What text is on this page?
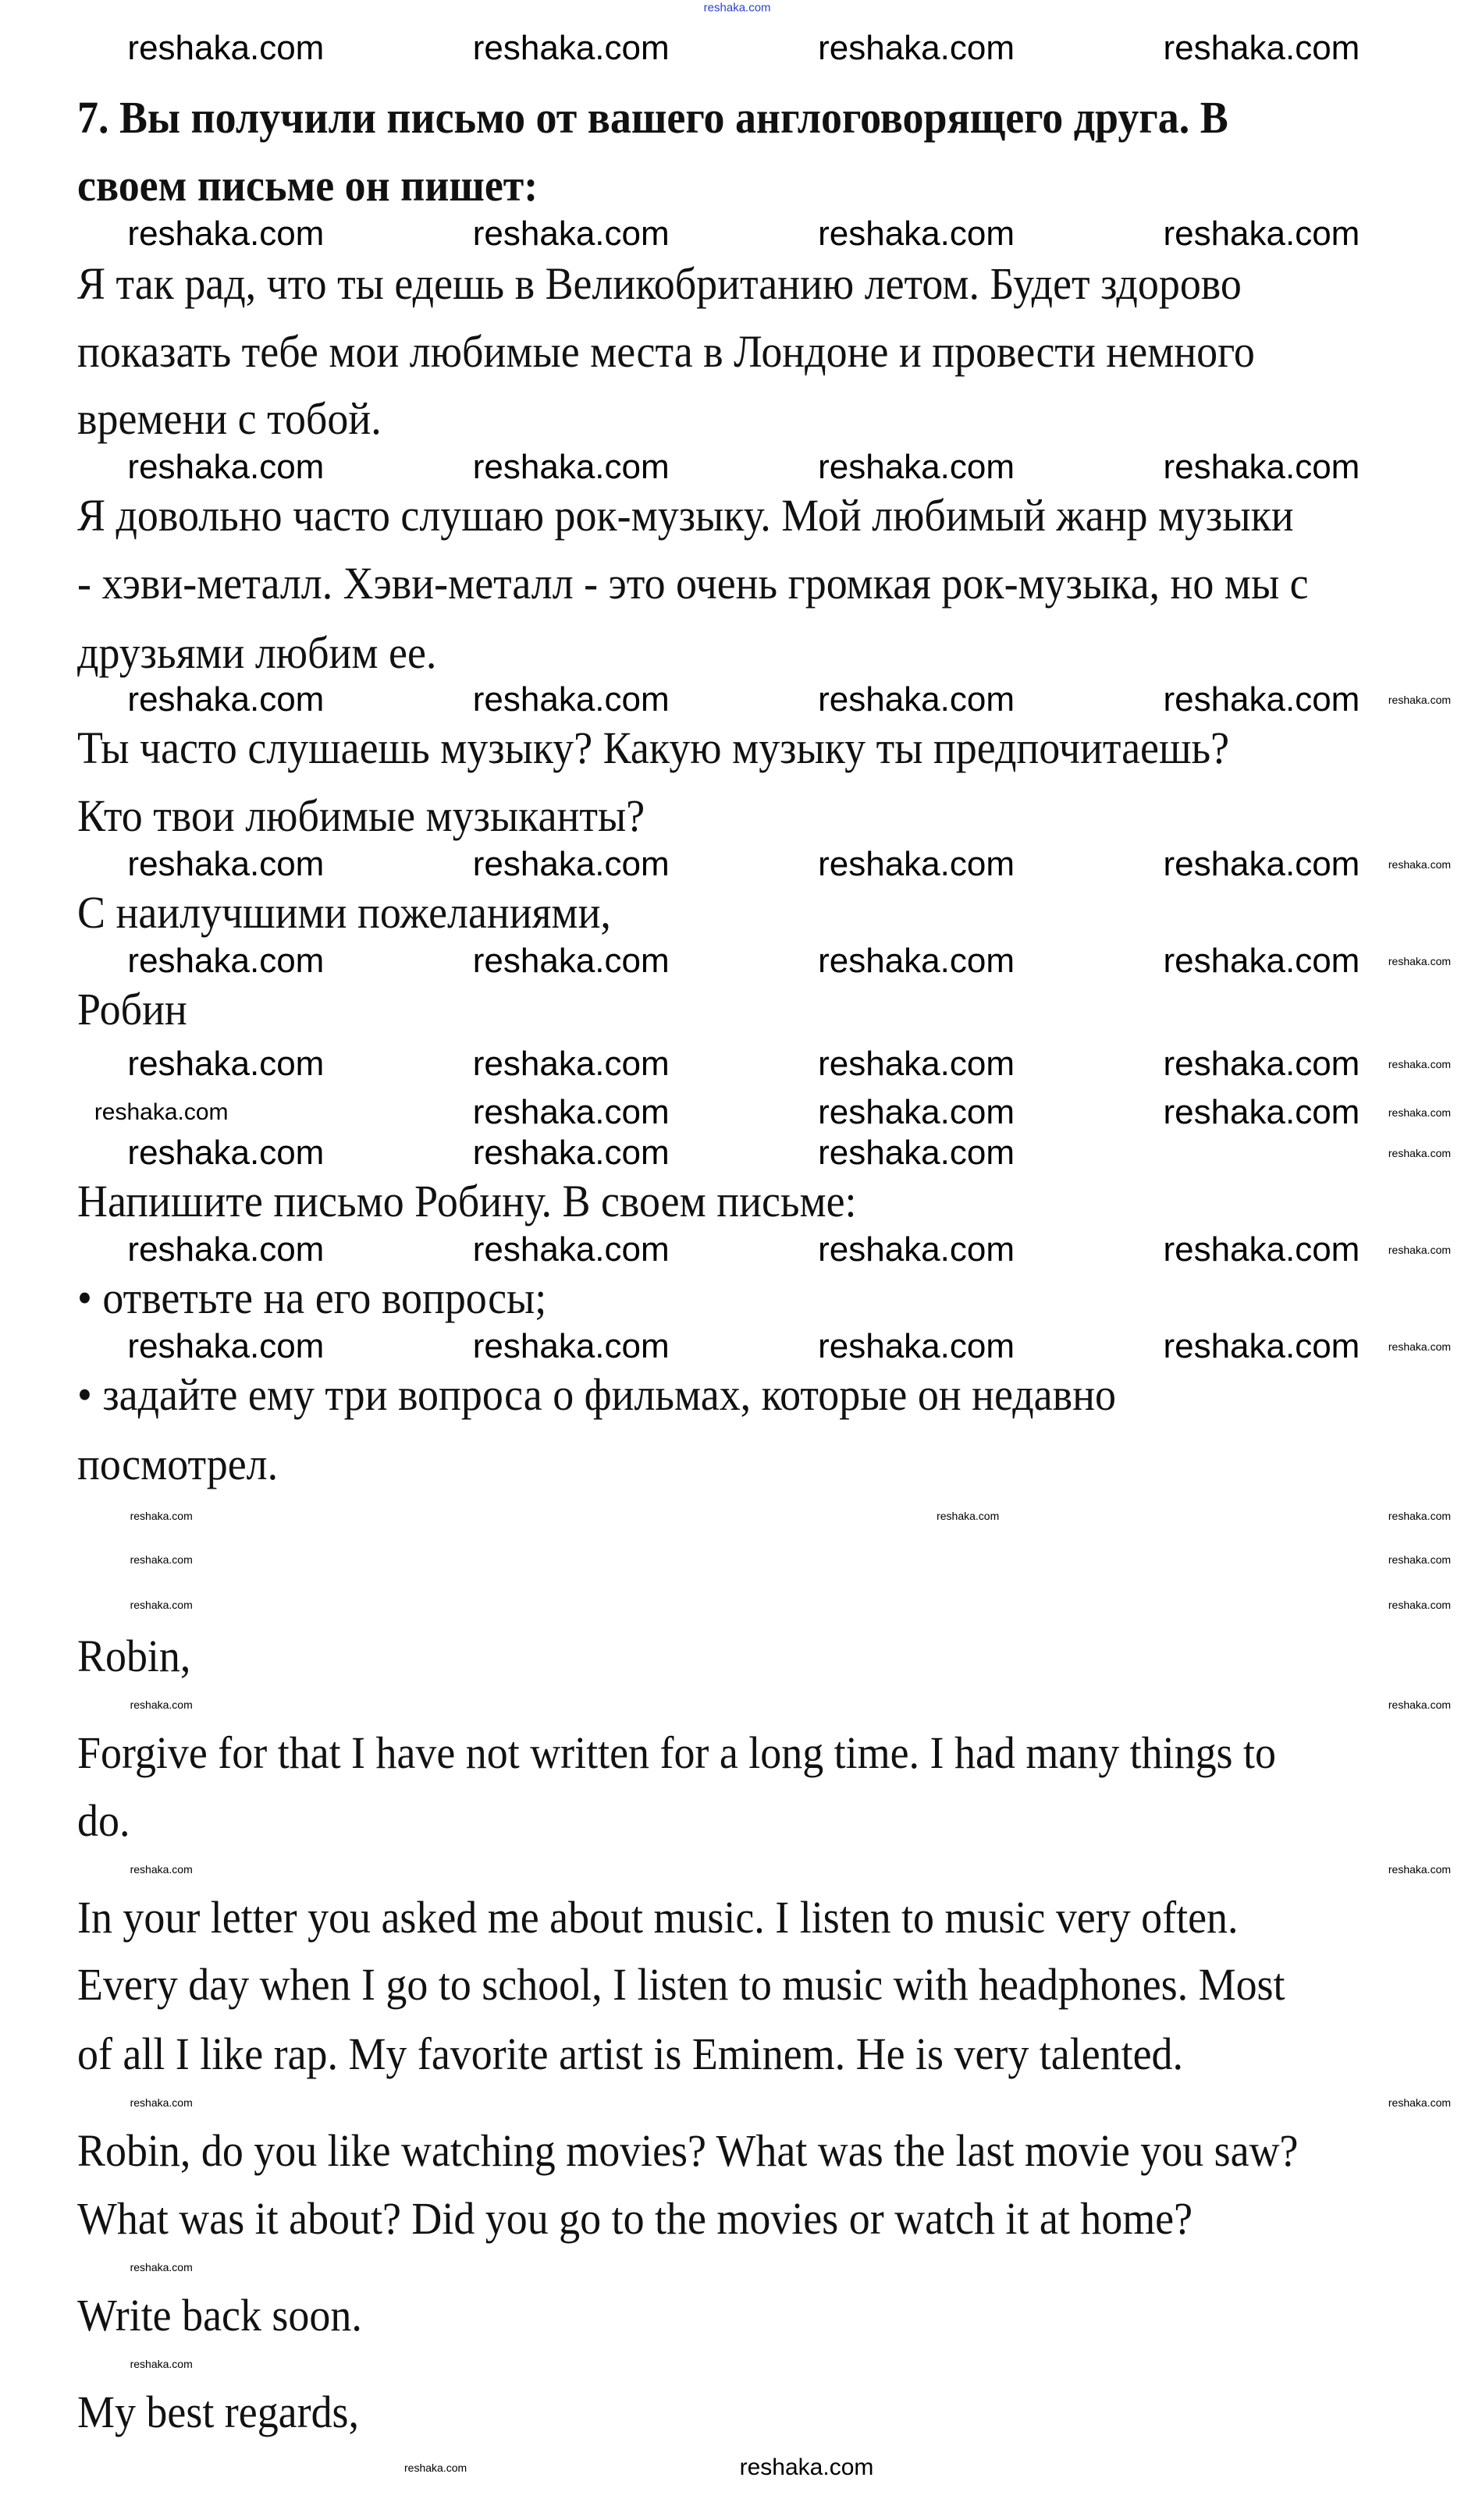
7. Вы получили письмо от вашего англоговорящего друга. В
своем письме он пишет:
Я так рад, что ты едешь в Великобританию летом. Будет здорово
показать тебе мои любимые места в Лондоне и провести немного
времени с тобой.
Я довольно часто слушаю рок-музыку. Мой любимый жанр музыки
- хэви-металл. Хэви-металл - это очень громкая рок-музыка, но мы с
друзьями любим ее.
Ты часто слушаешь музыку? Какую музыку ты предпочитаешь?
Кто твои любимые музыканты?
С наилучшими пожеланиями,
Робин
Напишите письмо Робину. В своем письме:
• ответьте на его вопросы;
• задайте ему три вопроса о фильмах, которые он недавно
посмотрел.
Robin,
Forgive for that I have not written for a long time. I had many things to
do.
In your letter you asked me about music. I listen to music very often.
Every day when I go to school, I listen to music with headphones. Most
of all I like rap. My favorite artist is Eminem. He is very talented.
Robin, do you like watching movies? What was the last movie you saw?
What was it about? Did you go to the movies or watch it at home?
Write back soon.
My best regards,
reshaka.com
reshaka.com	reshaka.com	reshaka.com	reshaka.com
reshaka.com	reshaka.com	reshaka.com	reshaka.com
reshaka.com	reshaka.com	reshaka.com	reshaka.com
reshaka.com	reshaka.com	reshaka.com	reshaka.com
reshaka.com	reshaka.com	reshaka.com	reshaka.com
reshaka.com	reshaka.com	reshaka.com	reshaka.com
reshaka.com	reshaka.com	reshaka.com	reshaka.com
reshaka.com	reshaka.com	reshaka.com	reshaka.com
reshaka.com	reshaka.com	reshaka.com	reshaka.com
reshaka.com	reshaka.com	reshaka.com
reshaka.com	reshaka.com	reshaka.com
reshaka.com
reshaka.com
reshaka.com
reshaka.com
reshaka.com
reshaka.com
reshaka.com
reshaka.com
reshaka.com
reshaka.com
reshaka.com	reshaka.com	reshaka.com
reshaka.com	reshaka.com
reshaka.com	reshaka.com
reshaka.com	reshaka.com
reshaka.com	reshaka.com
reshaka.com	reshaka.com
reshaka.com
reshaka.com
reshaka.com
